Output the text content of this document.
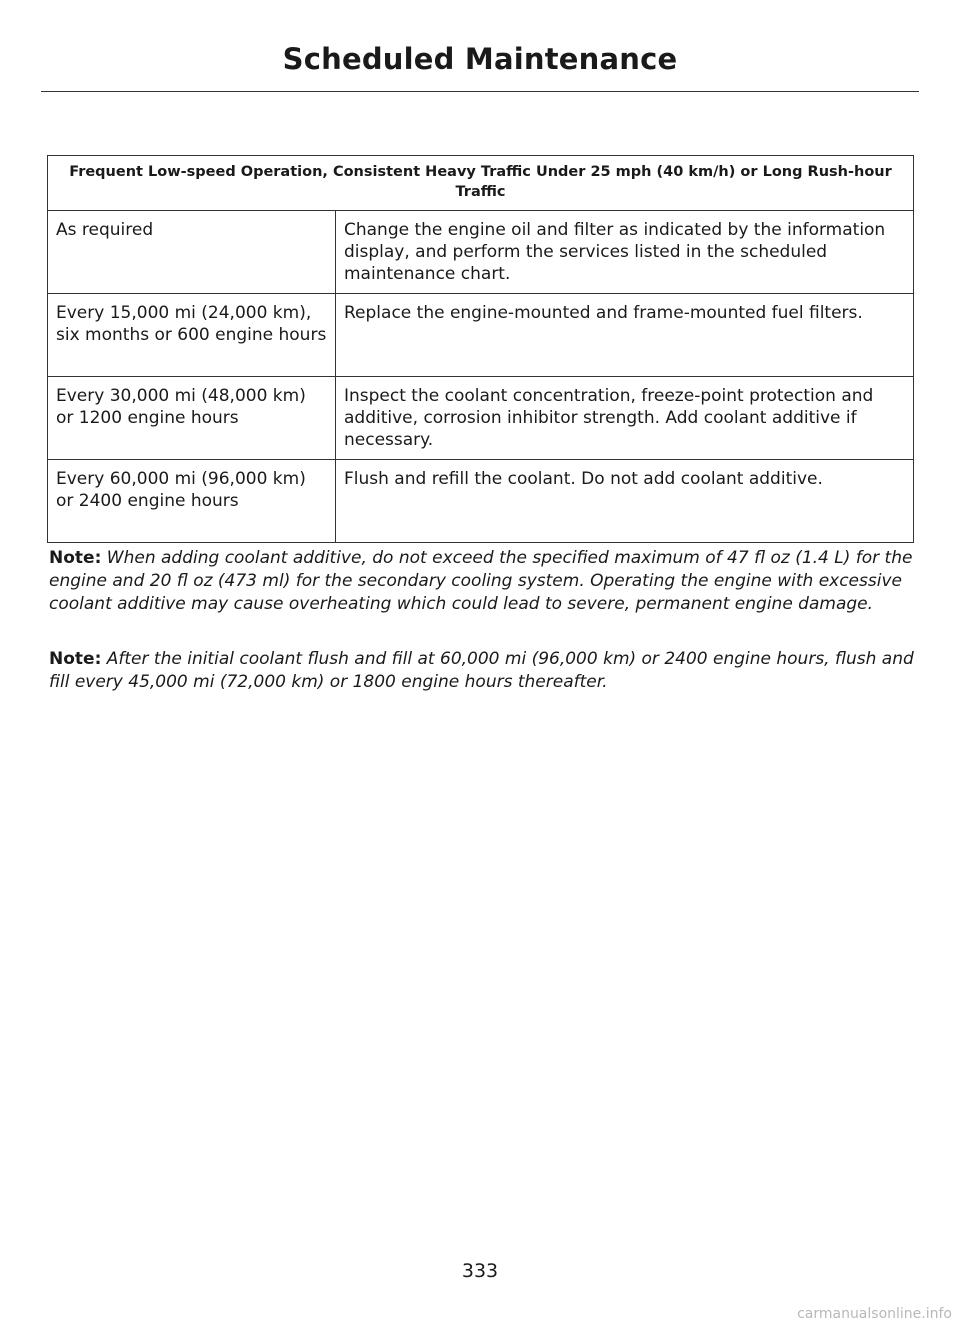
Scheduled Maintenance
Frequent Low-speed Operation, Consistent Heavy Traffic Under 25 mph (40 km/h) or Long Rush-hour Traffic	
As required	Change the engine oil and filter as indicated by the information display, and perform the services listed in the scheduled maintenance chart.
Every 15,000 mi (24,000 km), six months or 600 engine hours	Replace the engine-mounted and frame-mounted fuel filters.
Every 30,000 mi (48,000 km) or 1200 engine hours	Inspect the coolant concentration, freeze-point protection and additive, corrosion inhibitor strength. Add coolant additive if necessary.
Every 60,000 mi (96,000 km) or 2400 engine hours	Flush and refill the coolant. Do not add coolant additive.

Note: When adding coolant additive, do not exceed the specified maximum of 47 fl oz (1.4 L) for the engine and 20 fl oz (473 ml) for the secondary cooling system. Operating the engine with excessive coolant additive may cause overheating which could lead to severe, permanent engine damage.

Note: After the initial coolant flush and fill at 60,000 mi (96,000 km) or 2400 engine hours, flush and fill every 45,000 mi (72,000 km) or 1800 engine hours thereafter.

333
carmanualsonline.info
